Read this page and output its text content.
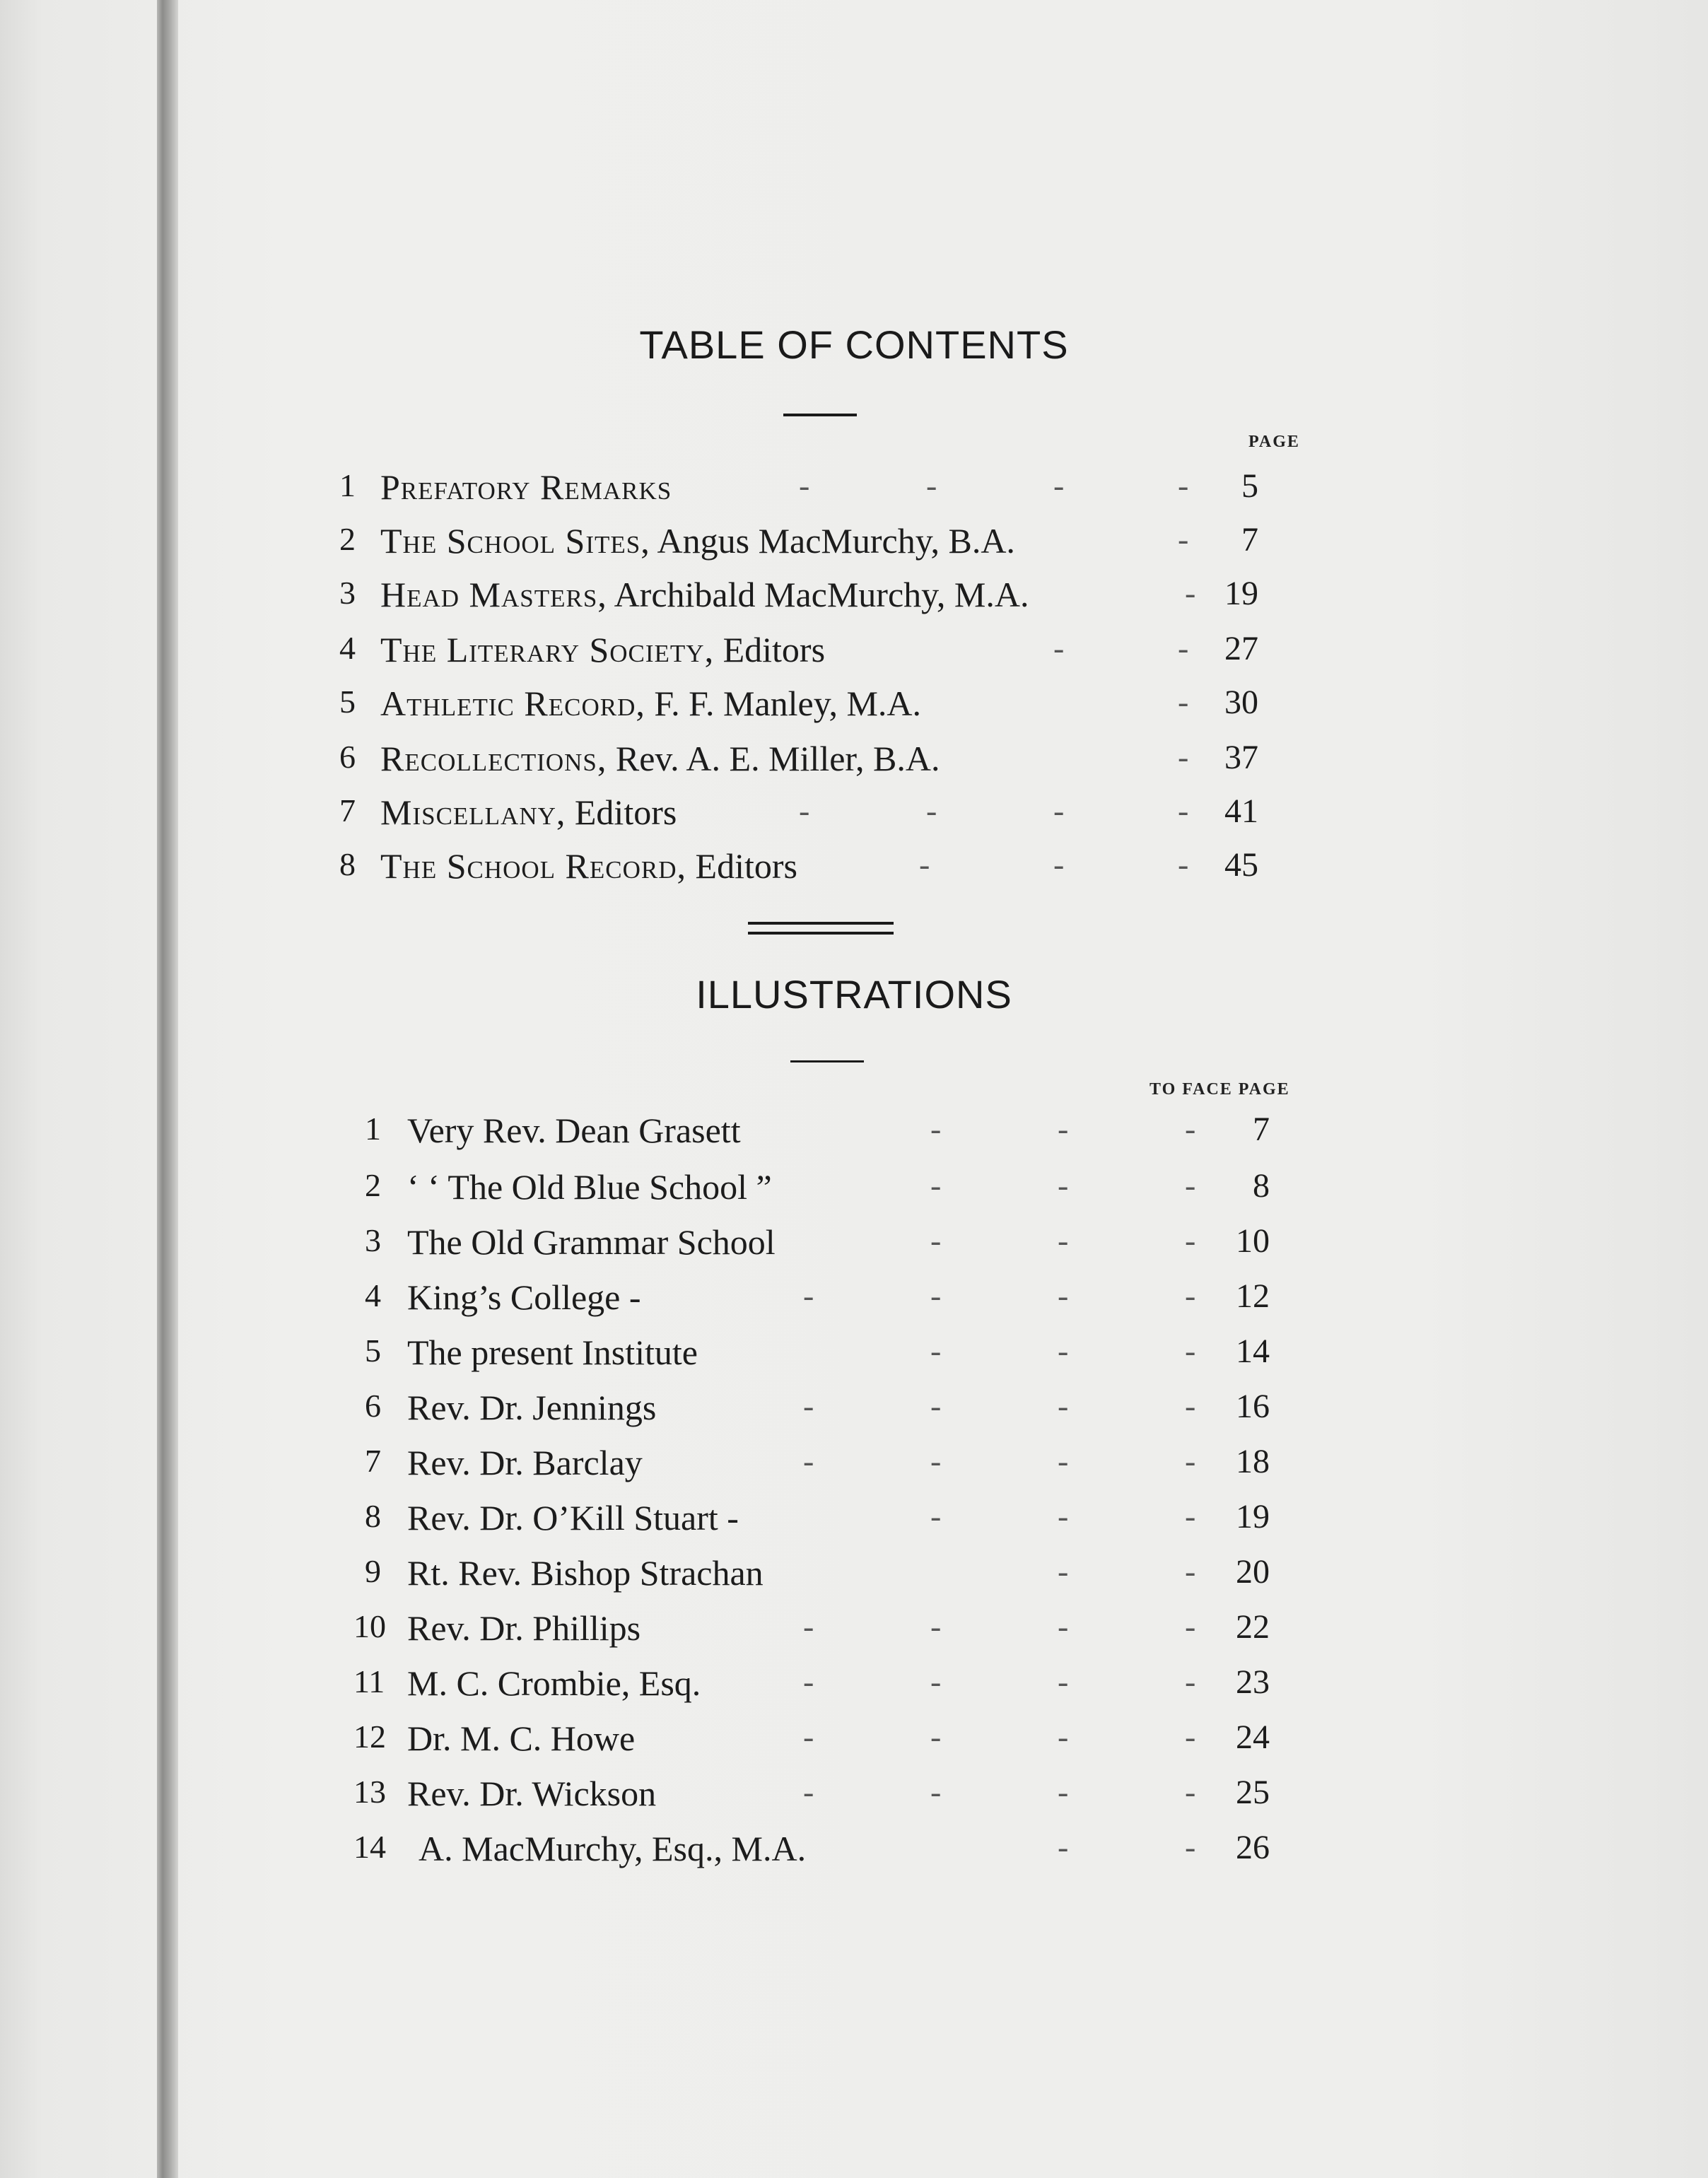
TABLE OF CONTENTS
PAGE
1 Prefatory Remarks	-	-	-	-	5
2 The School Sites, Angus MacMurchy, B.A.	-	7
3 Head Masters, Archibald MacMurchy, M.A.	- 19
4 The Literary Society, Editors	-	-	27
5 Athletic Record, F. F. Manley, M.A.	-	30
6 Recollections, Rev. A. E. Miller, B.A.	-	37
7 Miscellany, Editors	-	-	-	-	41
8 The School Record, Editors	-	-	-	45
ILLUSTRATIONS
TO FACE PAGE
1 Very Rev. Dean Grasett	-	-	-	7
2 ‘ ‘ The Old Blue School ”	-	-	-	8
3 The Old Grammar School	-	-	-	10
4 King’s College -	-	-	-	-	12
5 The present Institute	-	-	-	14
6 Rev. Dr. Jennings	-	-	-	-	16
7 Rev. Dr. Barclay	-	-	-	-	18
8 Rev. Dr. O’Kill Stuart -	-	-	-	19
9 Rt. Rev. Bishop Strachan	-	-	20
10 Rev. Dr. Phillips	-	-	-	-	22
11 M. C. Crombie, Esq.	-	-	-	-	23
12 Dr. M. C. Howe	-	-	-	-	24
13 Rev. Dr. Wickson	-	-	-	-	25
14 A. MacMurchy, Esq., M.A.	-	-	26
